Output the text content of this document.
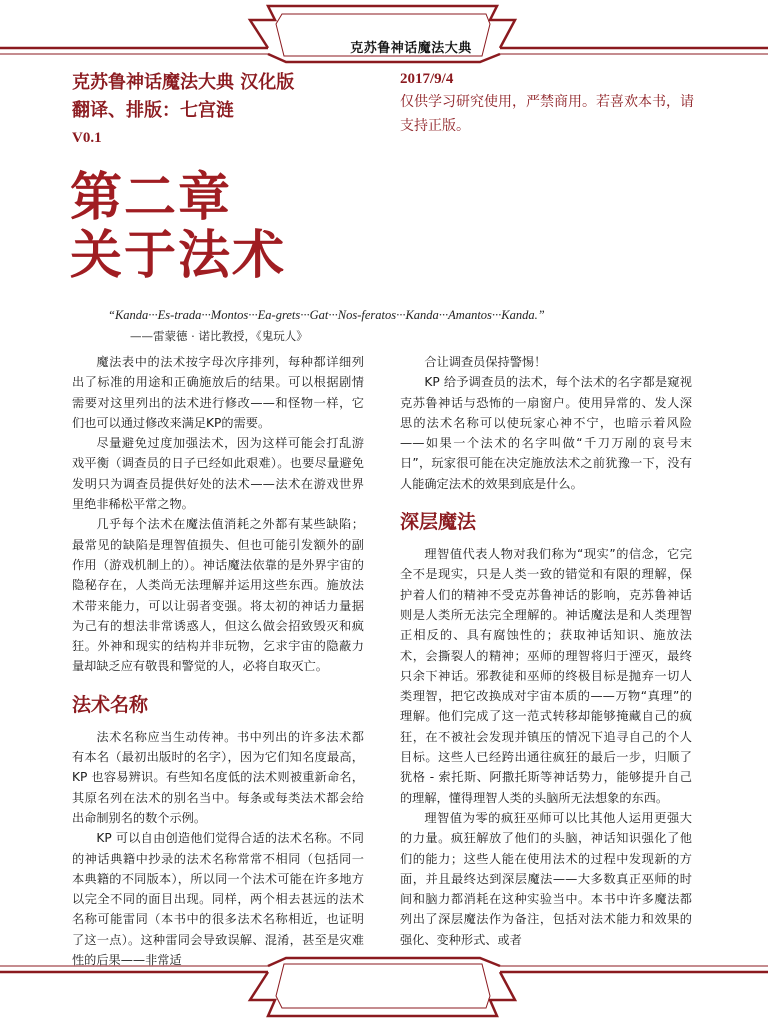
克苏鲁神话魔法大典
克苏鲁神话魔法大典 汉化版
翻译、排版：七宫涟
V0.1
2017/9/4
仅供学习研究使用，严禁商用。若喜欢本书，请支持正版。
第二章
关于法术
“Kanda···Es-trada···Montos···Ea-grets···Gat···Nos-feratos···Kanda···Amantos···Kanda.”
——雷蒙德 · 诺比教授，《鬼玩人》

魔法表中的法术按字母次序排列，每种都详细列出了标准的用途和正确施放后的结果。可以根据剧情需要对这里列出的法术进行修改——和怪物一样，它们也可以通过修改来满足KP的需要。

尽量避免过度加强法术，因为这样可能会打乱游戏平衡（调查员的日子已经如此艰难）。也要尽量避免发明只为调查员提供好处的法术——法术在游戏世界里绝非稀松平常之物。

几乎每个法术在魔法值消耗之外都有某些缺陷；最常见的缺陷是理智值损失、但也可能引发额外的副作用（游戏机制上的）。神话魔法依靠的是外界宇宙的隐秘存在，人类尚无法理解并运用这些东西。施放法术带来能力，可以让弱者变强。将太初的神话力量据为己有的想法非常诱惑人，但这么做会招致毁灭和疯狂。外神和现实的结构并非玩物，乞求宇宙的隐蔽力量却缺乏应有敬畏和警觉的人，必将自取灭亡。

法术名称

法术名称应当生动传神。书中列出的许多法术都有本名（最初出版时的名字），因为它们知名度最高，KP 也容易辨识。有些知名度低的法术则被重新命名，其原名列在法术的别名当中。每条或每类法术都会给出命制别名的数个示例。

KP 可以自由创造他们觉得合适的法术名称。不同的神话典籍中抄录的法术名称常常不相同（包括同一本典籍的不同版本），所以同一个法术可能在许多地方以完全不同的面目出现。同样，两个相去甚远的法术名称可能雷同（本书中的很多法术名称相近，也证明了这一点）。这种雷同会导致误解、混淆，甚至是灾难性的后果——非常适

合让调查员保持警惕！

KP 给予调查员的法术，每个法术的名字都是窥视克苏鲁神话与恐怖的一扇窗户。使用异常的、发人深思的法术名称可以使玩家心神不宁，也暗示着风险——如果一个法术的名字叫做“千刀万剐的哀号末日”，玩家很可能在决定施放法术之前犹豫一下，没有人能确定法术的效果到底是什么。

深层魔法

理智值代表人物对我们称为“现实”的信念，它完全不是现实，只是人类一致的错觉和有限的理解，保护着人们的精神不受克苏鲁神话的影响，克苏鲁神话则是人类所无法完全理解的。神话魔法是和人类理智正相反的、具有腐蚀性的；获取神话知识、施放法术，会撕裂人的精神；巫师的理智将归于湮灭，最终只余下神话。邪教徒和巫师的终极目标是抛弃一切人类理智，把它改换成对宇宙本质的——万物“真理”的理解。他们完成了这一范式转移却能够掩藏自己的疯狂，在不被社会发现并镇压的情况下追寻自己的个人目标。这些人已经跨出通往疯狂的最后一步，归顺了犹格 - 索托斯、阿撒托斯等神话势力，能够提升自己的理解，懂得理智人类的头脑所无法想象的东西。

理智值为零的疯狂巫师可以比其他人运用更强大的力量。疯狂解放了他们的头脑，神话知识强化了他们的能力；这些人能在使用法术的过程中发现新的方面，并且最终达到深层魔法——大多数真正巫师的时间和脑力都消耗在这种实验当中。本书中许多魔法都列出了深层魔法作为备注，包括对法术能力和效果的强化、变种形式、或者
